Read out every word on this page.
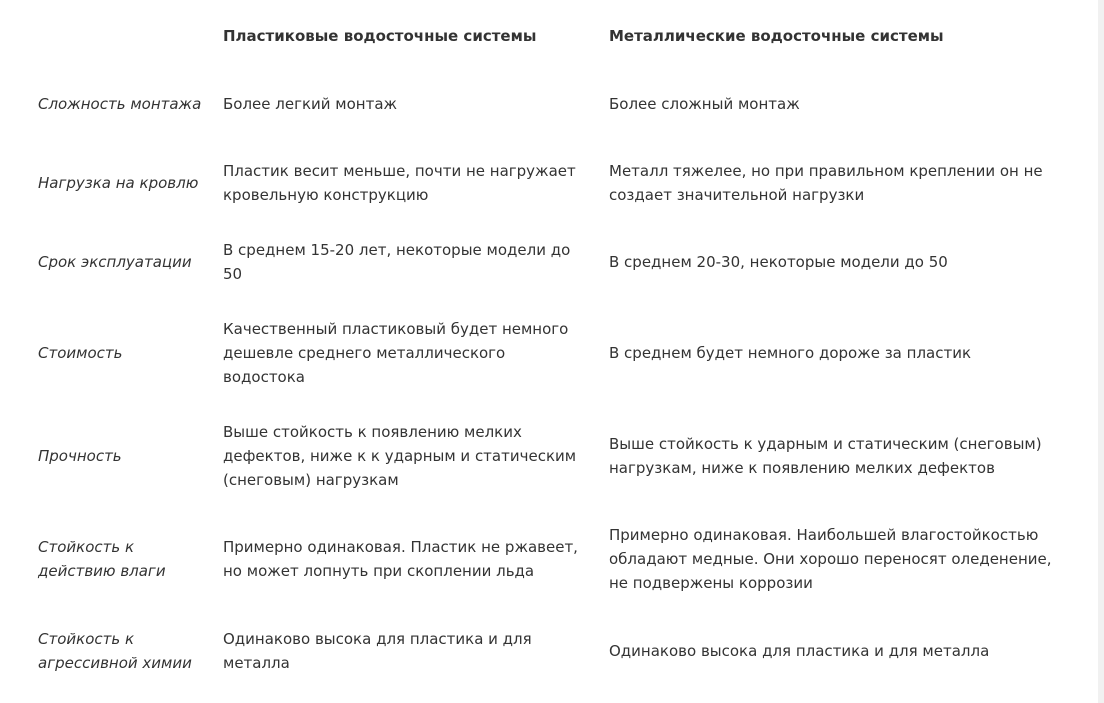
	Пластиковые водосточные системы	Металлические водосточные системы
Сложность монтажа	Более легкий монтаж	Более сложный монтаж
Нагрузка на кровлю	Пластик весит меньше, почти не нагружает кровельную конструкцию	Металл тяжелее, но при правильном креплении он не создает значительной нагрузки
Срок эксплуатации	В среднем 15-20 лет, некоторые модели до 50	В среднем 20-30, некоторые модели до 50
Стоимость	Качественный пластиковый будет немного дешевле среднего металлического водостока	В среднем будет немного дороже за пластик
Прочность	Выше стойкость к появлению мелких дефектов, ниже к к ударным и статическим (снеговым) нагрузкам	Выше стойкость к ударным и статическим (снеговым) нагрузкам, ниже к появлению мелких дефектов
Стойкость к действию влаги	Примерно одинаковая. Пластик не ржавеет, но может лопнуть при скоплении льда	Примерно одинаковая. Наибольшей влагостойкостью обладают медные. Они хорошо переносят оледенение, не подвержены коррозии
Стойкость к агрессивной химии	Одинаково высока для пластика и для металла	Одинаково высока для пластика и для металла
